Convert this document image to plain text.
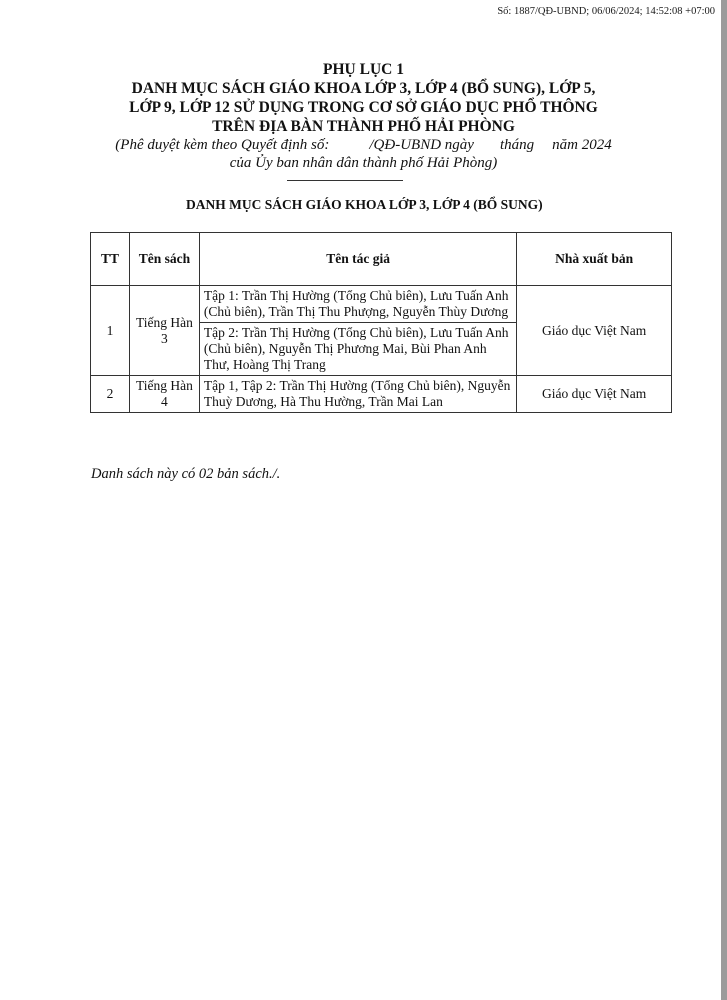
Số: 1887/QĐ-UBND; 06/06/2024; 14:52:08 +07:00
PHỤ LỤC 1
DANH MỤC SÁCH GIÁO KHOA LỚP 3, LỚP 4 (BỔ SUNG), LỚP 5,
LỚP 9, LỚP 12 SỬ DỤNG TRONG CƠ SỞ GIÁO DỤC PHỔ THÔNG
TRÊN ĐỊA BÀN THÀNH PHỐ HẢI PHÒNG
(Phê duyệt kèm theo Quyết định số:	/QĐ-UBND ngày tháng năm 2024
của Ủy ban nhân dân thành phố Hải Phòng)
DANH MỤC SÁCH GIÁO KHOA LỚP 3, LỚP 4 (BỔ SUNG)
TT	Tên sách	Tên tác giả	Nhà xuất bản
1	Tiếng Hàn 3	Tập 1: Trần Thị Hường (Tổng Chủ biên), Lưu Tuấn Anh (Chủ biên), Trần Thị Thu Phượng, Nguyễn Thùy Dương	Giáo dục Việt Nam
		Tập 2: Trần Thị Hường (Tổng Chủ biên), Lưu Tuấn Anh (Chủ biên), Nguyễn Thị Phương Mai, Bùi Phan Anh Thư, Hoàng Thị Trang	
2	Tiếng Hàn 4	Tập 1, Tập 2: Trần Thị Hường (Tổng Chủ biên), Nguyễn Thuỳ Dương, Hà Thu Hường, Trần Mai Lan	Giáo dục Việt Nam
Danh sách này có 02 bản sách./.
